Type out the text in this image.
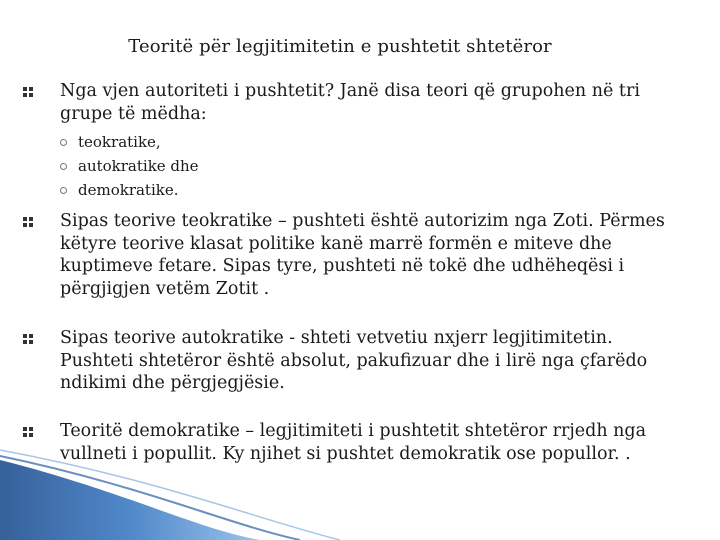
Teoritë për legjitimitetin e pushtetit shtetëror
Nga vjen autoriteti i pushtetit? Janë disa teori që grupohen në tri grupe të mëdha:
teokratike,
autokratike dhe
demokratike.
Sipas teorive teokratike – pushteti është autorizim nga Zoti. Përmes këtyre teorive klasat politike kanë marrë formën e miteve dhe kuptimeve fetare. Sipas tyre, pushteti në tokë dhe udhëheqësi i përgjigjen vetëm Zotit .
Sipas teorive autokratike - shteti vetvetiu nxjerr legjitimitetin. Pushteti shtetëror është absolut, pakufizuar dhe i lirë nga çfarëdo ndikimi dhe përgjegjësie.
Teoritë demokratike – legjitimiteti i pushtetit shtetëror rrjedh nga vullneti i popullit. Ky njihet si pushtet demokratik ose popullor. .
